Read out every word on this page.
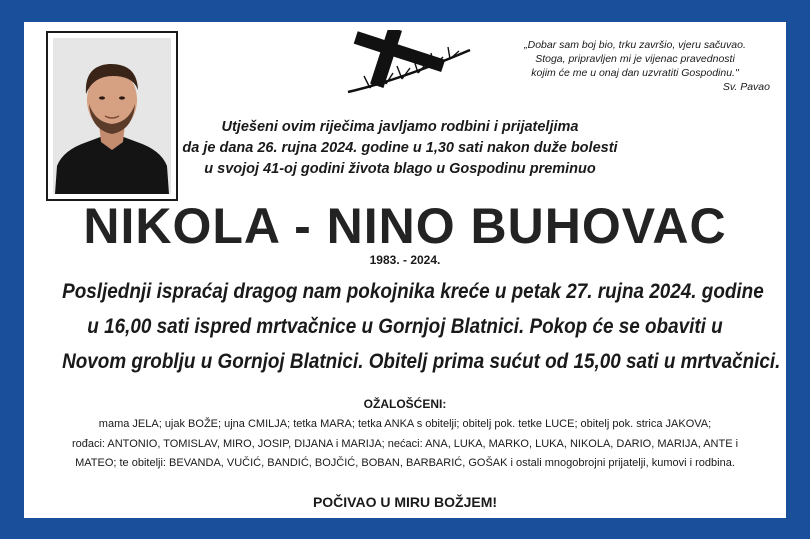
„Dobar sam boj bio, trku završio, vjeru sačuvao.
Stoga, pripravljen mi je vijenac pravednosti
kojim će me u onaj dan uzvratiti Gospodinu."
Sv. Pavao
Utješeni ovim riječima javljamo rodbini i prijateljima
da je dana 26. rujna 2024. godine u 1,30 sati nakon duže bolesti
u svojoj 41-oj godini života blago u Gospodinu preminuo
NIKOLA - NINO BUHOVAC
1983. - 2024.
Posljednji ispraćaj dragog nam pokojnika kreće u petak 27. rujna 2024. godine
u 16,00 sati ispred mrtvačnice u Gornjoj Blatnici. Pokop će se obaviti u
Novom groblju u Gornjoj Blatnici. Obitelj prima sućut od 15,00 sati u mrtvačnici.
OŽALOŠĆENI:
mama JELA; ujak BOŽE; ujna CMILJA; tetka MARA; tetka ANKA s obitelji; obitelj pok. tetke LUCE; obitelj pok. strica JAKOVA;
rođaci: ANTONIO, TOMISLAV, MIRO, JOSIP, DIJANA i MARIJA; nećaci: ANA, LUKA, MARKO, LUKA, NIKOLA, DARIO, MARIJA, ANTE i
MATEO; te obitelji: BEVANDA, VUČIĆ, BANDIĆ, BOJČIĆ, BOBAN, BARBARIĆ, GOŠAK i ostali mnogobrojni prijatelji, kumovi i rodbina.
POČIVAO U MIRU BOŽJEM!
